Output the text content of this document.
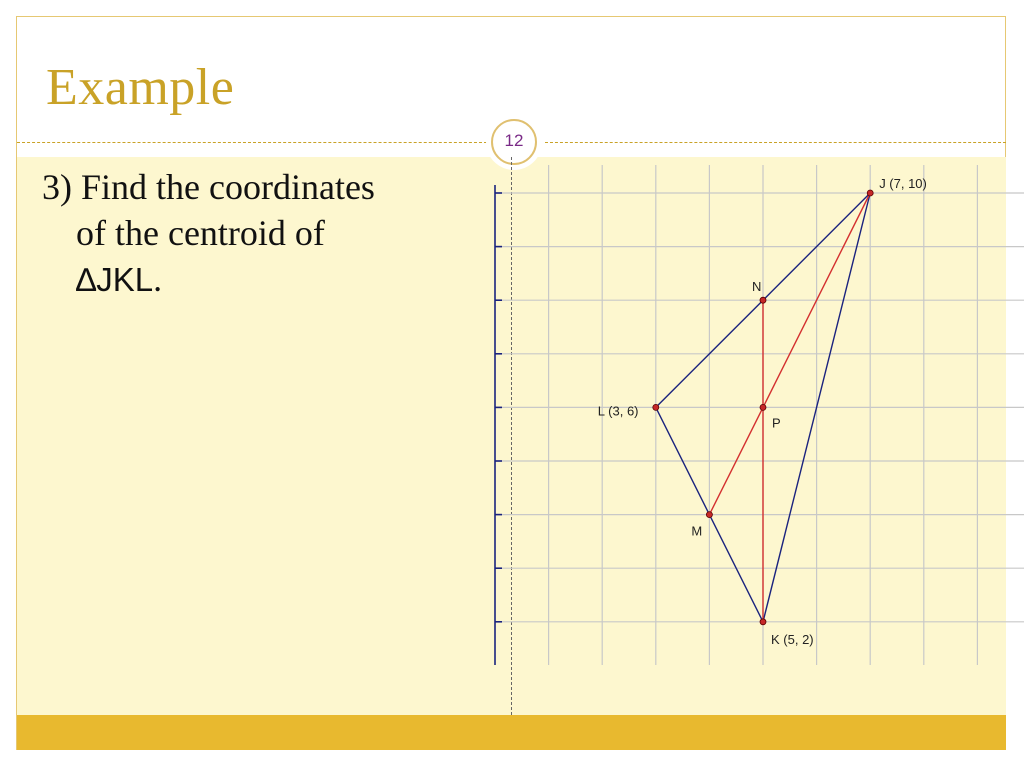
Example
12
3) Find the coordinates
of the centroid of
∆JKL.
J (7, 10)
K (5, 2)
L (3, 6)
N
M
P
